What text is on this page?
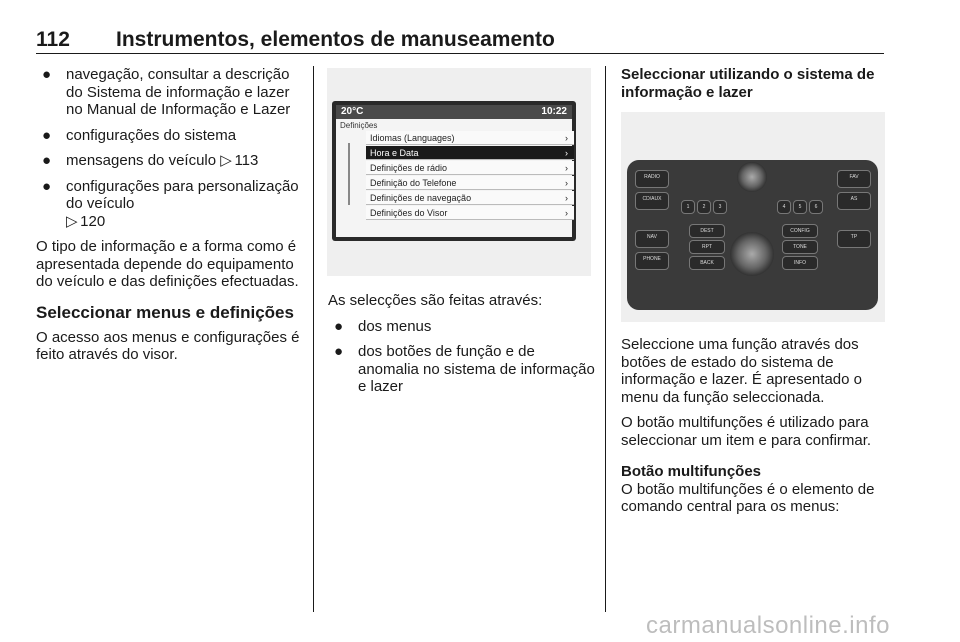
112 Instrumentos, elementos de manuseamento
● navegação, consultar a descrição do Sistema de informação e lazer no Manual de Informação e Lazer
● configurações do sistema
● mensagens do veículo ▷ 113
● configurações para personalização do veículo
▷ 120

O tipo de informação e a forma como é apresentada depende do equipamento do veículo e das definições efectuadas.

Seleccionar menus e definições

O acesso aos menus e configurações é feito através do visor.

20°C	10:22
Definições
Idiomas (Languages)	›
Hora e Data	›
Definições de rádio	›
Definição do Telefone	›
Definições de navegação	›
Definições do Visor	›

As selecções são feitas através:

● dos menus
● dos botões de função e de anomalia no sistema de informação e lazer
Seleccionar utilizando o sistema de informação e lazer
RADIO
CD/AUX
NAV
PHONE
FAV
AS
TP
DEST	CONFIG
RPT	TONE
BACK	INFO
1	2	3	4	5	6

Seleccione uma função através dos botões de estado do sistema de informação e lazer. É apresentado o menu da função seleccionada.

O botão multifunções é utilizado para seleccionar um item e para confirmar.

Botão multifunções

O botão multifunções é o elemento de comando central para os menus:

carmanualsonline.info
